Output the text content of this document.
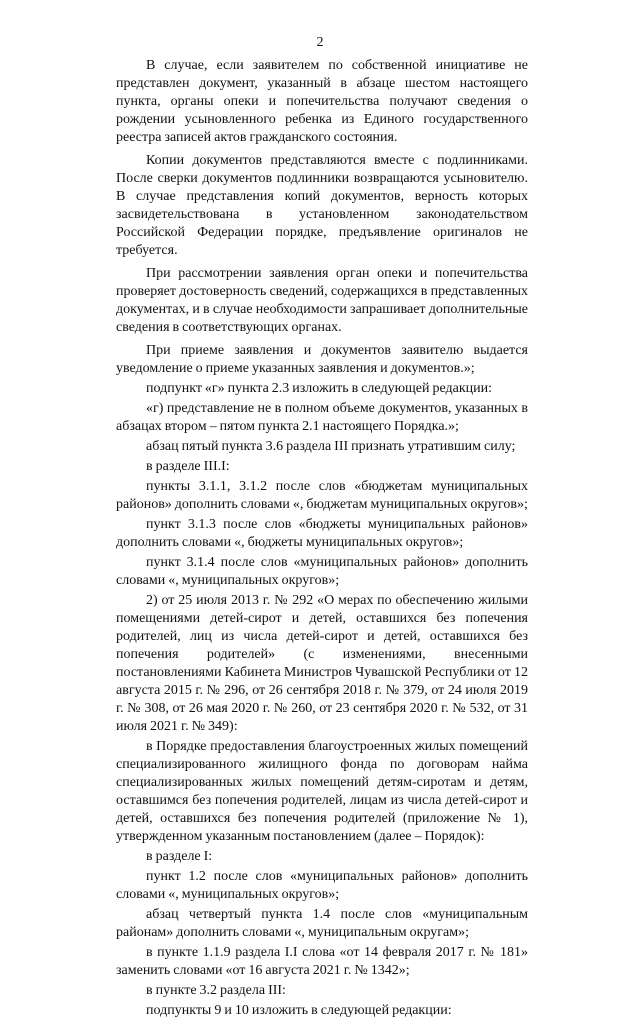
2

В случае, если заявителем по собственной инициативе не представлен документ, указанный в абзаце шестом настоящего пункта, органы опеки и попечительства получают сведения о рождении усыновленного ребенка из Единого государственного реестра записей актов гражданского состояния.

Копии документов представляются вместе с подлинниками. После сверки документов подлинники возвращаются усыновителю. В случае представления копий документов, верность которых засвидетельствована в установленном законодательством Российской Федерации порядке, предъявление оригиналов не требуется.

При рассмотрении заявления орган опеки и попечительства проверяет достоверность сведений, содержащихся в представленных документах, и в случае необходимости запрашивает дополнительные сведения в соответствующих органах.

При приеме заявления и документов заявителю выдается уведомление о приеме указанных заявления и документов.»;

подпункт «г» пункта 2.3 изложить в следующей редакции:

«г) представление не в полном объеме документов, указанных в абзацах втором – пятом пункта 2.1 настоящего Порядка.»;

абзац пятый пункта 3.6 раздела III признать утратившим силу;

в разделе III.I:

пункты 3.1.1, 3.1.2 после слов «бюджетам муниципальных районов» дополнить словами «, бюджетам муниципальных округов»;

пункт 3.1.3 после слов «бюджеты муниципальных районов» дополнить словами «, бюджеты муниципальных округов»;

пункт 3.1.4 после слов «муниципальных районов» дополнить словами «, муниципальных округов»;

2) от 25 июля 2013 г. № 292 «О мерах по обеспечению жилыми помещениями детей-сирот и детей, оставшихся без попечения родителей, лиц из числа детей-сирот и детей, оставшихся без попечения родителей» (с изменениями, внесенными постановлениями Кабинета Министров Чувашской Республики от 12 августа 2015 г. № 296, от 26 сентября 2018 г. № 379, от 24 июля 2019 г. № 308, от 26 мая 2020 г. № 260, от 23 сентября 2020 г. № 532, от 31 июля 2021 г. № 349):

в Порядке предоставления благоустроенных жилых помещений специализированного жилищного фонда по договорам найма специализированных жилых помещений детям-сиротам и детям, оставшимся без попечения родителей, лицам из числа детей-сирот и детей, оставшихся без попечения родителей (приложение № 1), утвержденном указанным постановлением (далее – Порядок):

в разделе I:

пункт 1.2 после слов «муниципальных районов» дополнить словами «, муниципальных округов»;

абзац четвертый пункта 1.4 после слов «муниципальным районам» дополнить словами «, муниципальным округам»;

в пункте 1.1.9 раздела I.I слова «от 14 февраля 2017 г. № 181» заменить словами «от 16 августа 2021 г. № 1342»;

в пункте 3.2 раздела III:

подпункты 9 и 10 изложить в следующей редакции:
